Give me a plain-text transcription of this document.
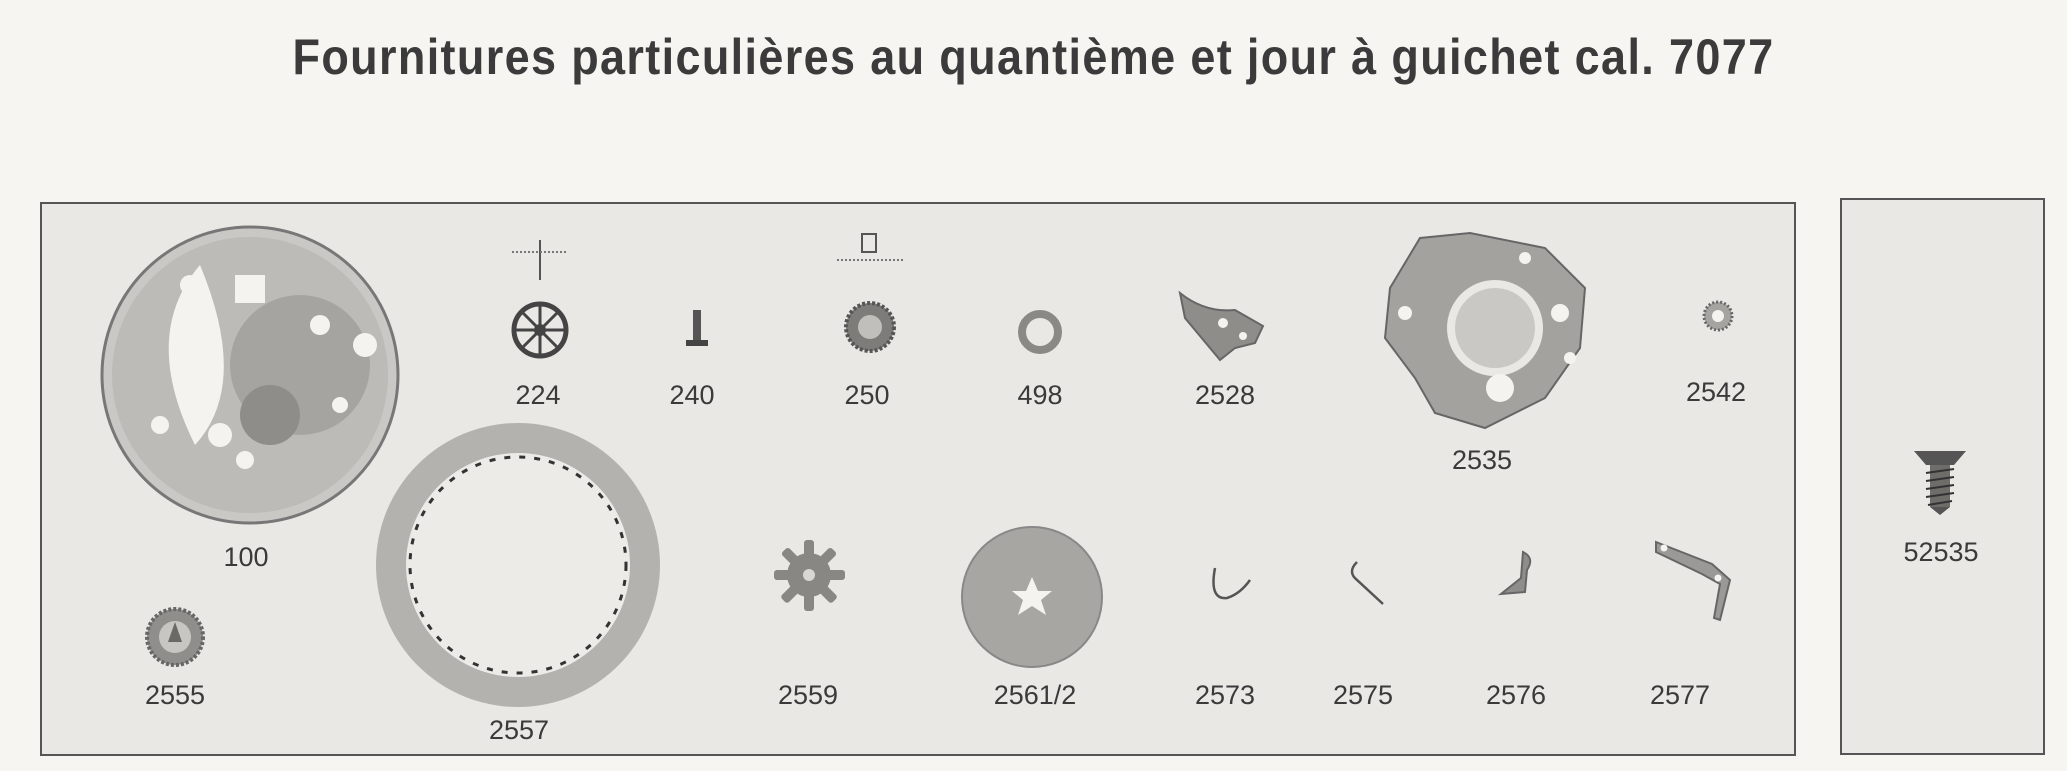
Fournitures particulières au quantième et jour à guichet cal. 7077
100
224	240	250	498	2528
2535
2542
2555
2557
2559	2561/2	2573	2575	2576	2577
52535
